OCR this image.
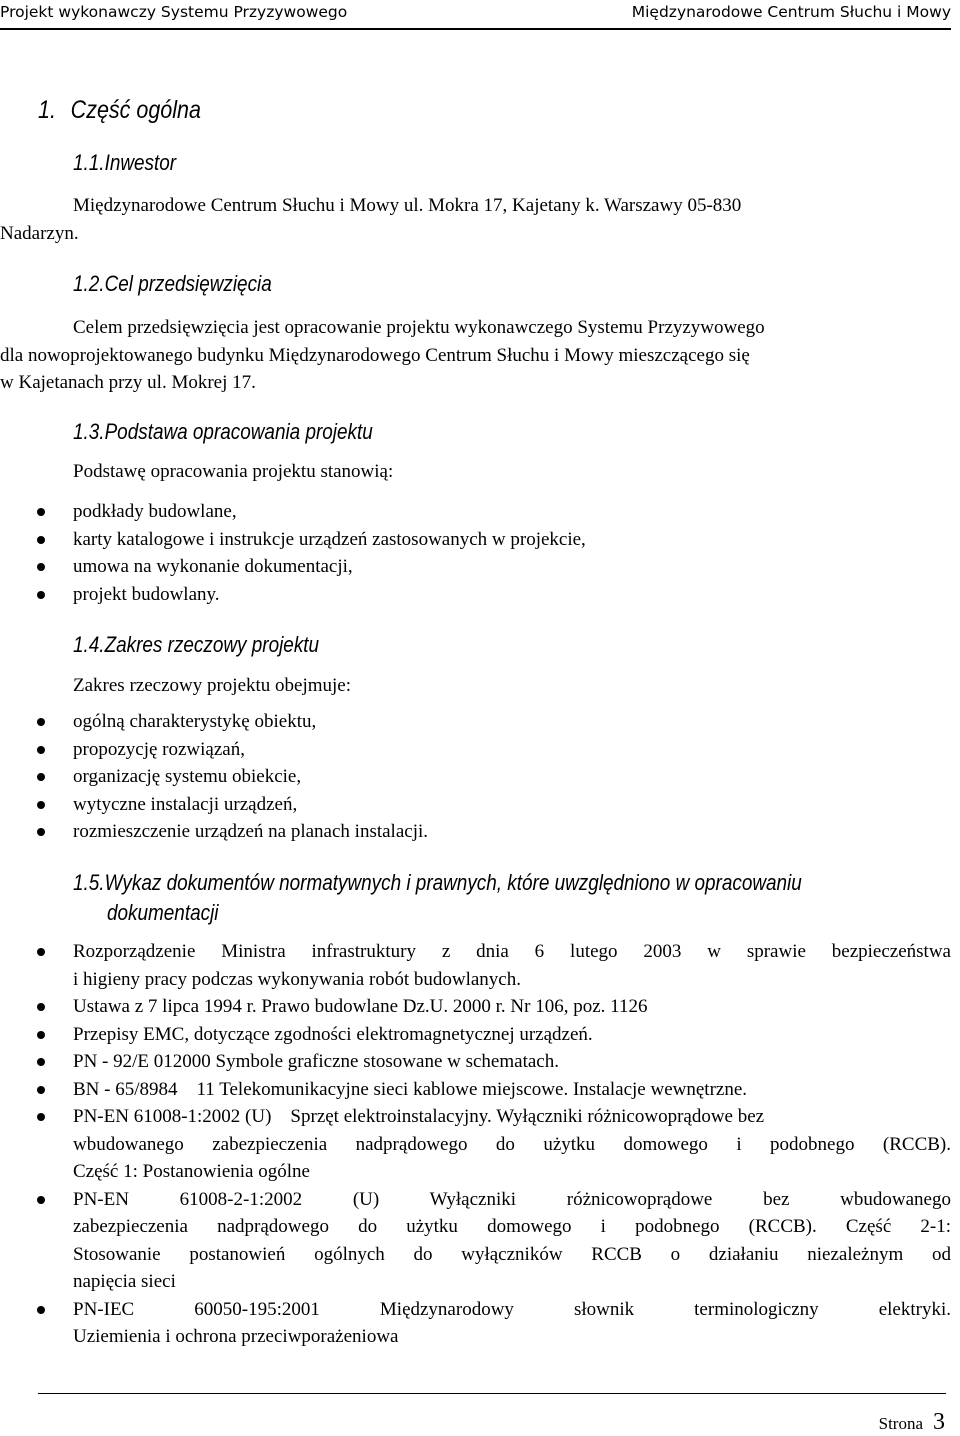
Projekt wykonawczy Systemu Przyzywowego	Międzynarodowe Centrum Słuchu i Mowy
1. Część ogólna
1.1.Inwestor
Międzynarodowe Centrum Słuchu i Mowy ul. Mokra 17, Kajetany k. Warszawy 05-830
Nadarzyn.
1.2.Cel przedsięwzięcia
Celem przedsięwzięcia jest opracowanie projektu wykonawczego Systemu Przyzywowego
dla nowoprojektowanego budynku Międzynarodowego Centrum Słuchu i Mowy mieszczącego się
w Kajetanach przy ul. Mokrej 17.
1.3.Podstawa opracowania projektu
Podstawę opracowania projektu stanowią:
podkłady budowlane,
karty katalogowe i instrukcje urządzeń zastosowanych w projekcie,
umowa na wykonanie dokumentacji,
projekt budowlany.
1.4.Zakres rzeczowy projektu
Zakres rzeczowy projektu obejmuje:
ogólną charakterystykę obiektu,
propozycję rozwiązań,
organizację systemu obiekcie,
wytyczne instalacji urządzeń,
rozmieszczenie urządzeń na planach instalacji.
1.5.Wykaz dokumentów normatywnych i prawnych, które uwzględniono w opracowaniu
dokumentacji
Rozporządzenie Ministra infrastruktury z dnia 6 lutego 2003 w sprawie bezpieczeństwa
i higieny pracy podczas wykonywania robót budowlanych.
Ustawa z 7 lipca 1994 r. Prawo budowlane Dz.U. 2000 r. Nr 106, poz. 1126
Przepisy EMC, dotyczące zgodności elektromagnetycznej urządzeń.
PN - 92/E 012000 Symbole graficzne stosowane w schematach.
BN - 65/8984    11 Telekomunikacyjne sieci kablowe miejscowe. Instalacje wewnętrzne.
PN-EN 61008-1:2002 (U)    Sprzęt elektroinstalacyjny. Wyłączniki różnicowoprądowe bez
wbudowanego zabezpieczenia nadprądowego do użytku domowego i podobnego (RCCB).
Część 1: Postanowienia ogólne
PN-EN 61008-2-1:2002 (U) Wyłączniki różnicowoprądowe bez wbudowanego
zabezpieczenia nadprądowego do użytku domowego i podobnego (RCCB). Część 2-1:
Stosowanie postanowień ogólnych do wyłączników RCCB o działaniu niezależnym od
napięcia sieci
PN-IEC 60050-195:2001 Międzynarodowy słownik terminologiczny elektryki.
Uziemienia i ochrona przeciwporażeniowa
Strona 3
